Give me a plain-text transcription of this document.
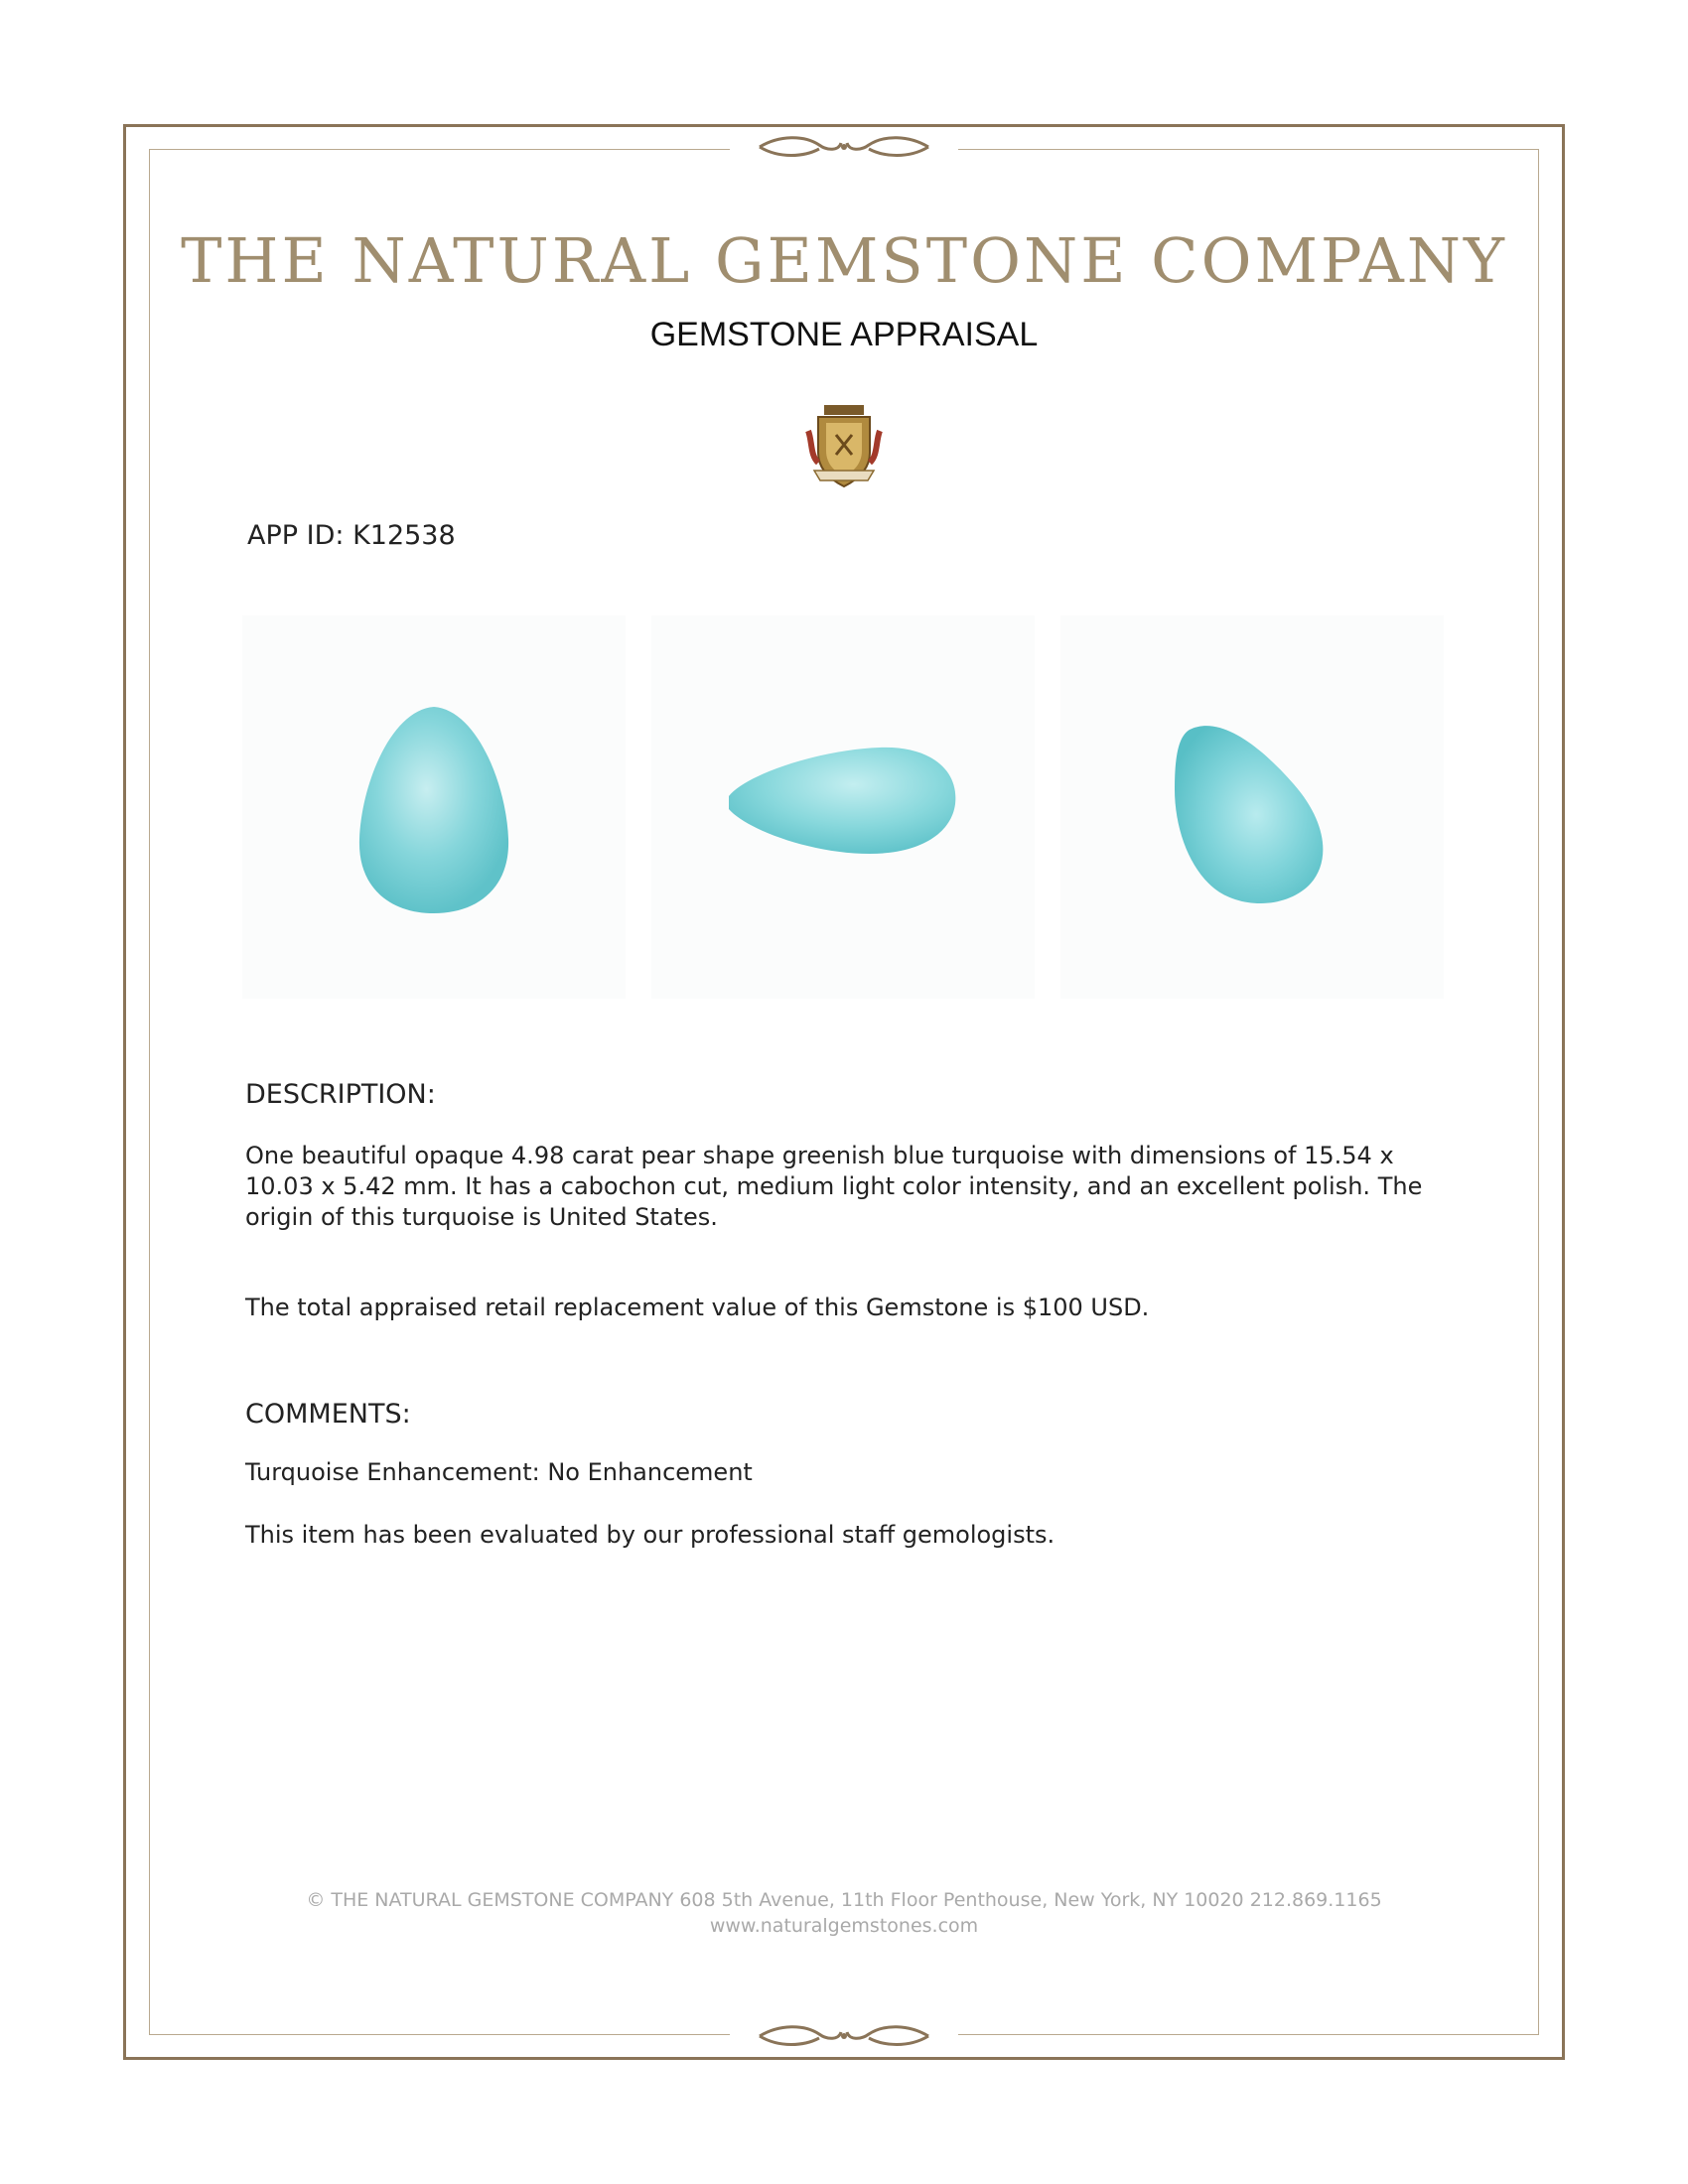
THE NATURAL GEMSTONE COMPANY
GEMSTONE APPRAISAL
APP ID: K12538
DESCRIPTION:
One beautiful opaque 4.98 carat pear shape greenish blue turquoise with dimensions of 15.54 x 10.03 x 5.42 mm. It has a cabochon cut, medium light color intensity, and an excellent polish. The origin of this turquoise is United States.
The total appraised retail replacement value of this Gemstone is $100 USD.
COMMENTS:
Turquoise Enhancement: No Enhancement
This item has been evaluated by our professional staff gemologists.
© THE NATURAL GEMSTONE COMPANY 608 5th Avenue, 11th Floor Penthouse, New York, NY 10020 212.869.1165
www.naturalgemstones.com
